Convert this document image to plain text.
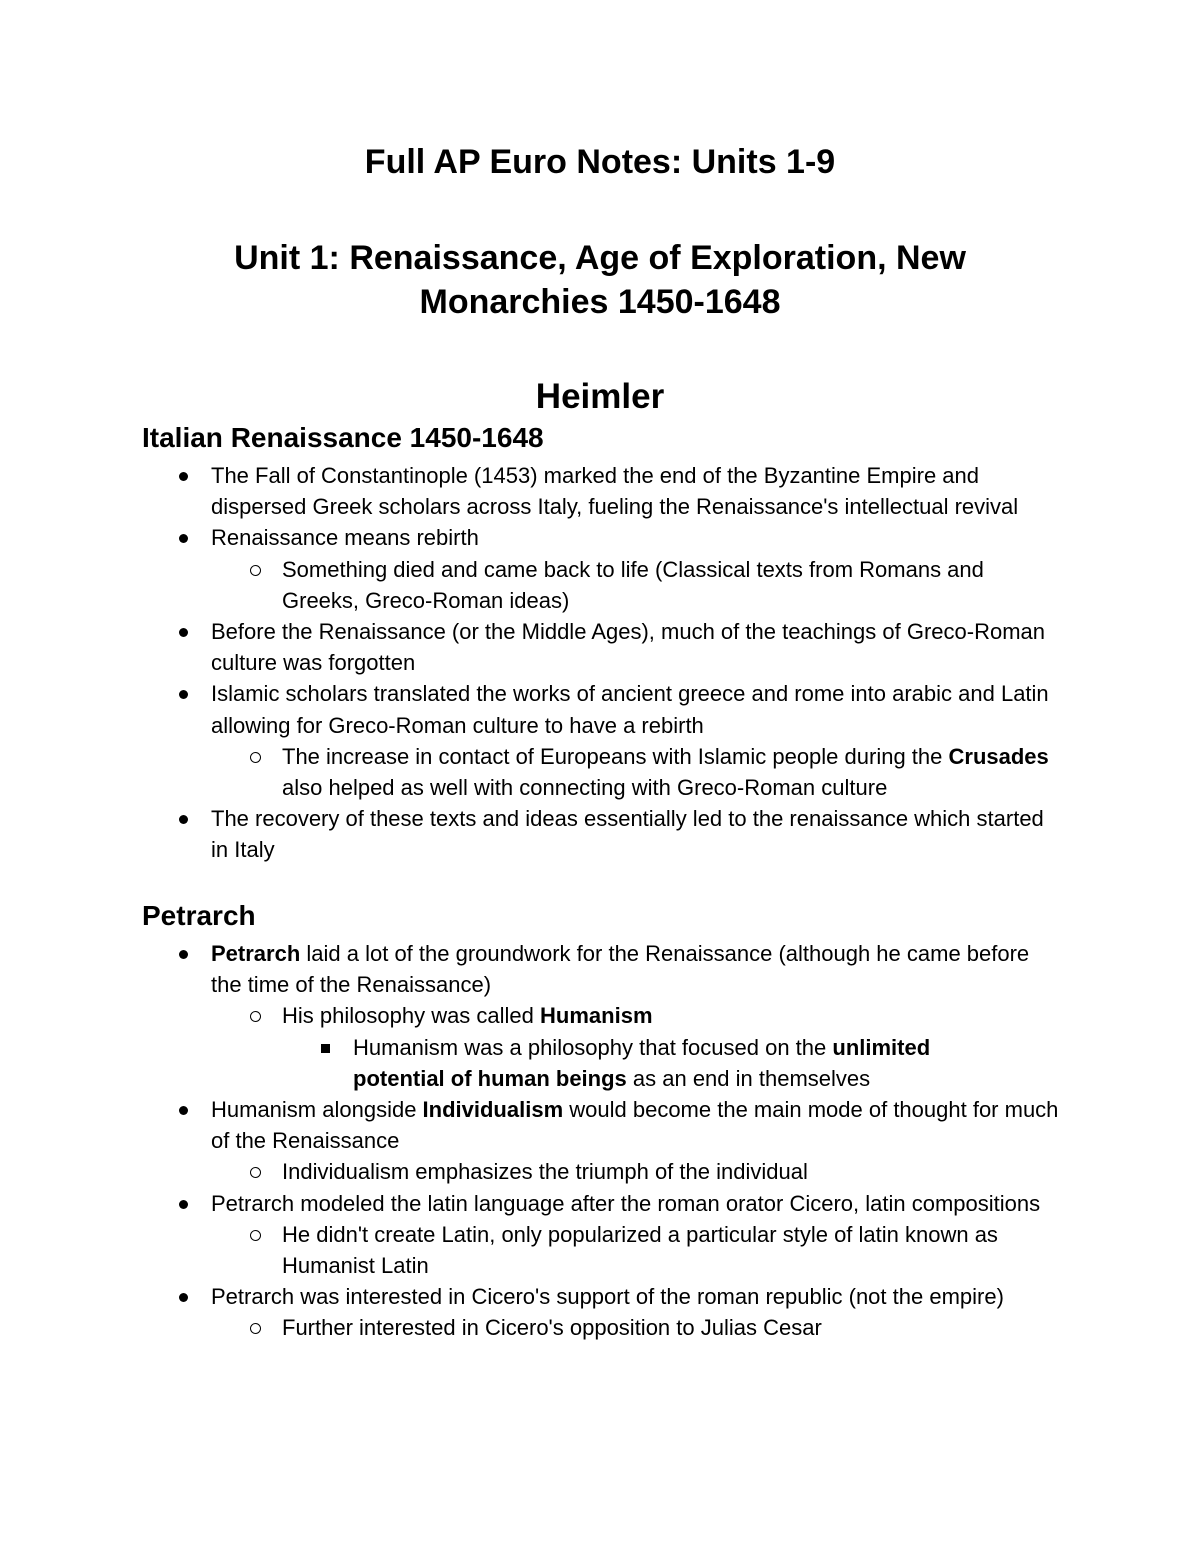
Full AP Euro Notes: Units 1-9
Unit 1: Renaissance, Age of Exploration, New Monarchies 1450-1648
Heimler
Italian Renaissance 1450-1648
The Fall of Constantinople (1453) marked the end of the Byzantine Empire and dispersed Greek scholars across Italy, fueling the Renaissance's intellectual revival
Renaissance means rebirth
Something died and came back to life (Classical texts from Romans and Greeks, Greco-Roman ideas)
Before the Renaissance (or the Middle Ages), much of the teachings of Greco-Roman culture was forgotten
Islamic scholars translated the works of ancient greece and rome into arabic and Latin allowing for Greco-Roman culture to have a rebirth
The increase in contact of Europeans with Islamic people during the Crusades also helped as well with connecting with Greco-Roman culture
The recovery of these texts and ideas essentially led to the renaissance which started in Italy
Petrarch
Petrarch laid a lot of the groundwork for the Renaissance (although he came before the time of the Renaissance)
His philosophy was called Humanism
Humanism was a philosophy that focused on the unlimited potential of human beings as an end in themselves
Humanism alongside Individualism would become the main mode of thought for much of the Renaissance
Individualism emphasizes the triumph of the individual
Petrarch modeled the latin language after the roman orator Cicero, latin compositions
He didn't create Latin, only popularized a particular style of latin known as Humanist Latin
Petrarch was interested in Cicero's support of the roman republic (not the empire)
Further interested in Cicero's opposition to Julias Cesar
